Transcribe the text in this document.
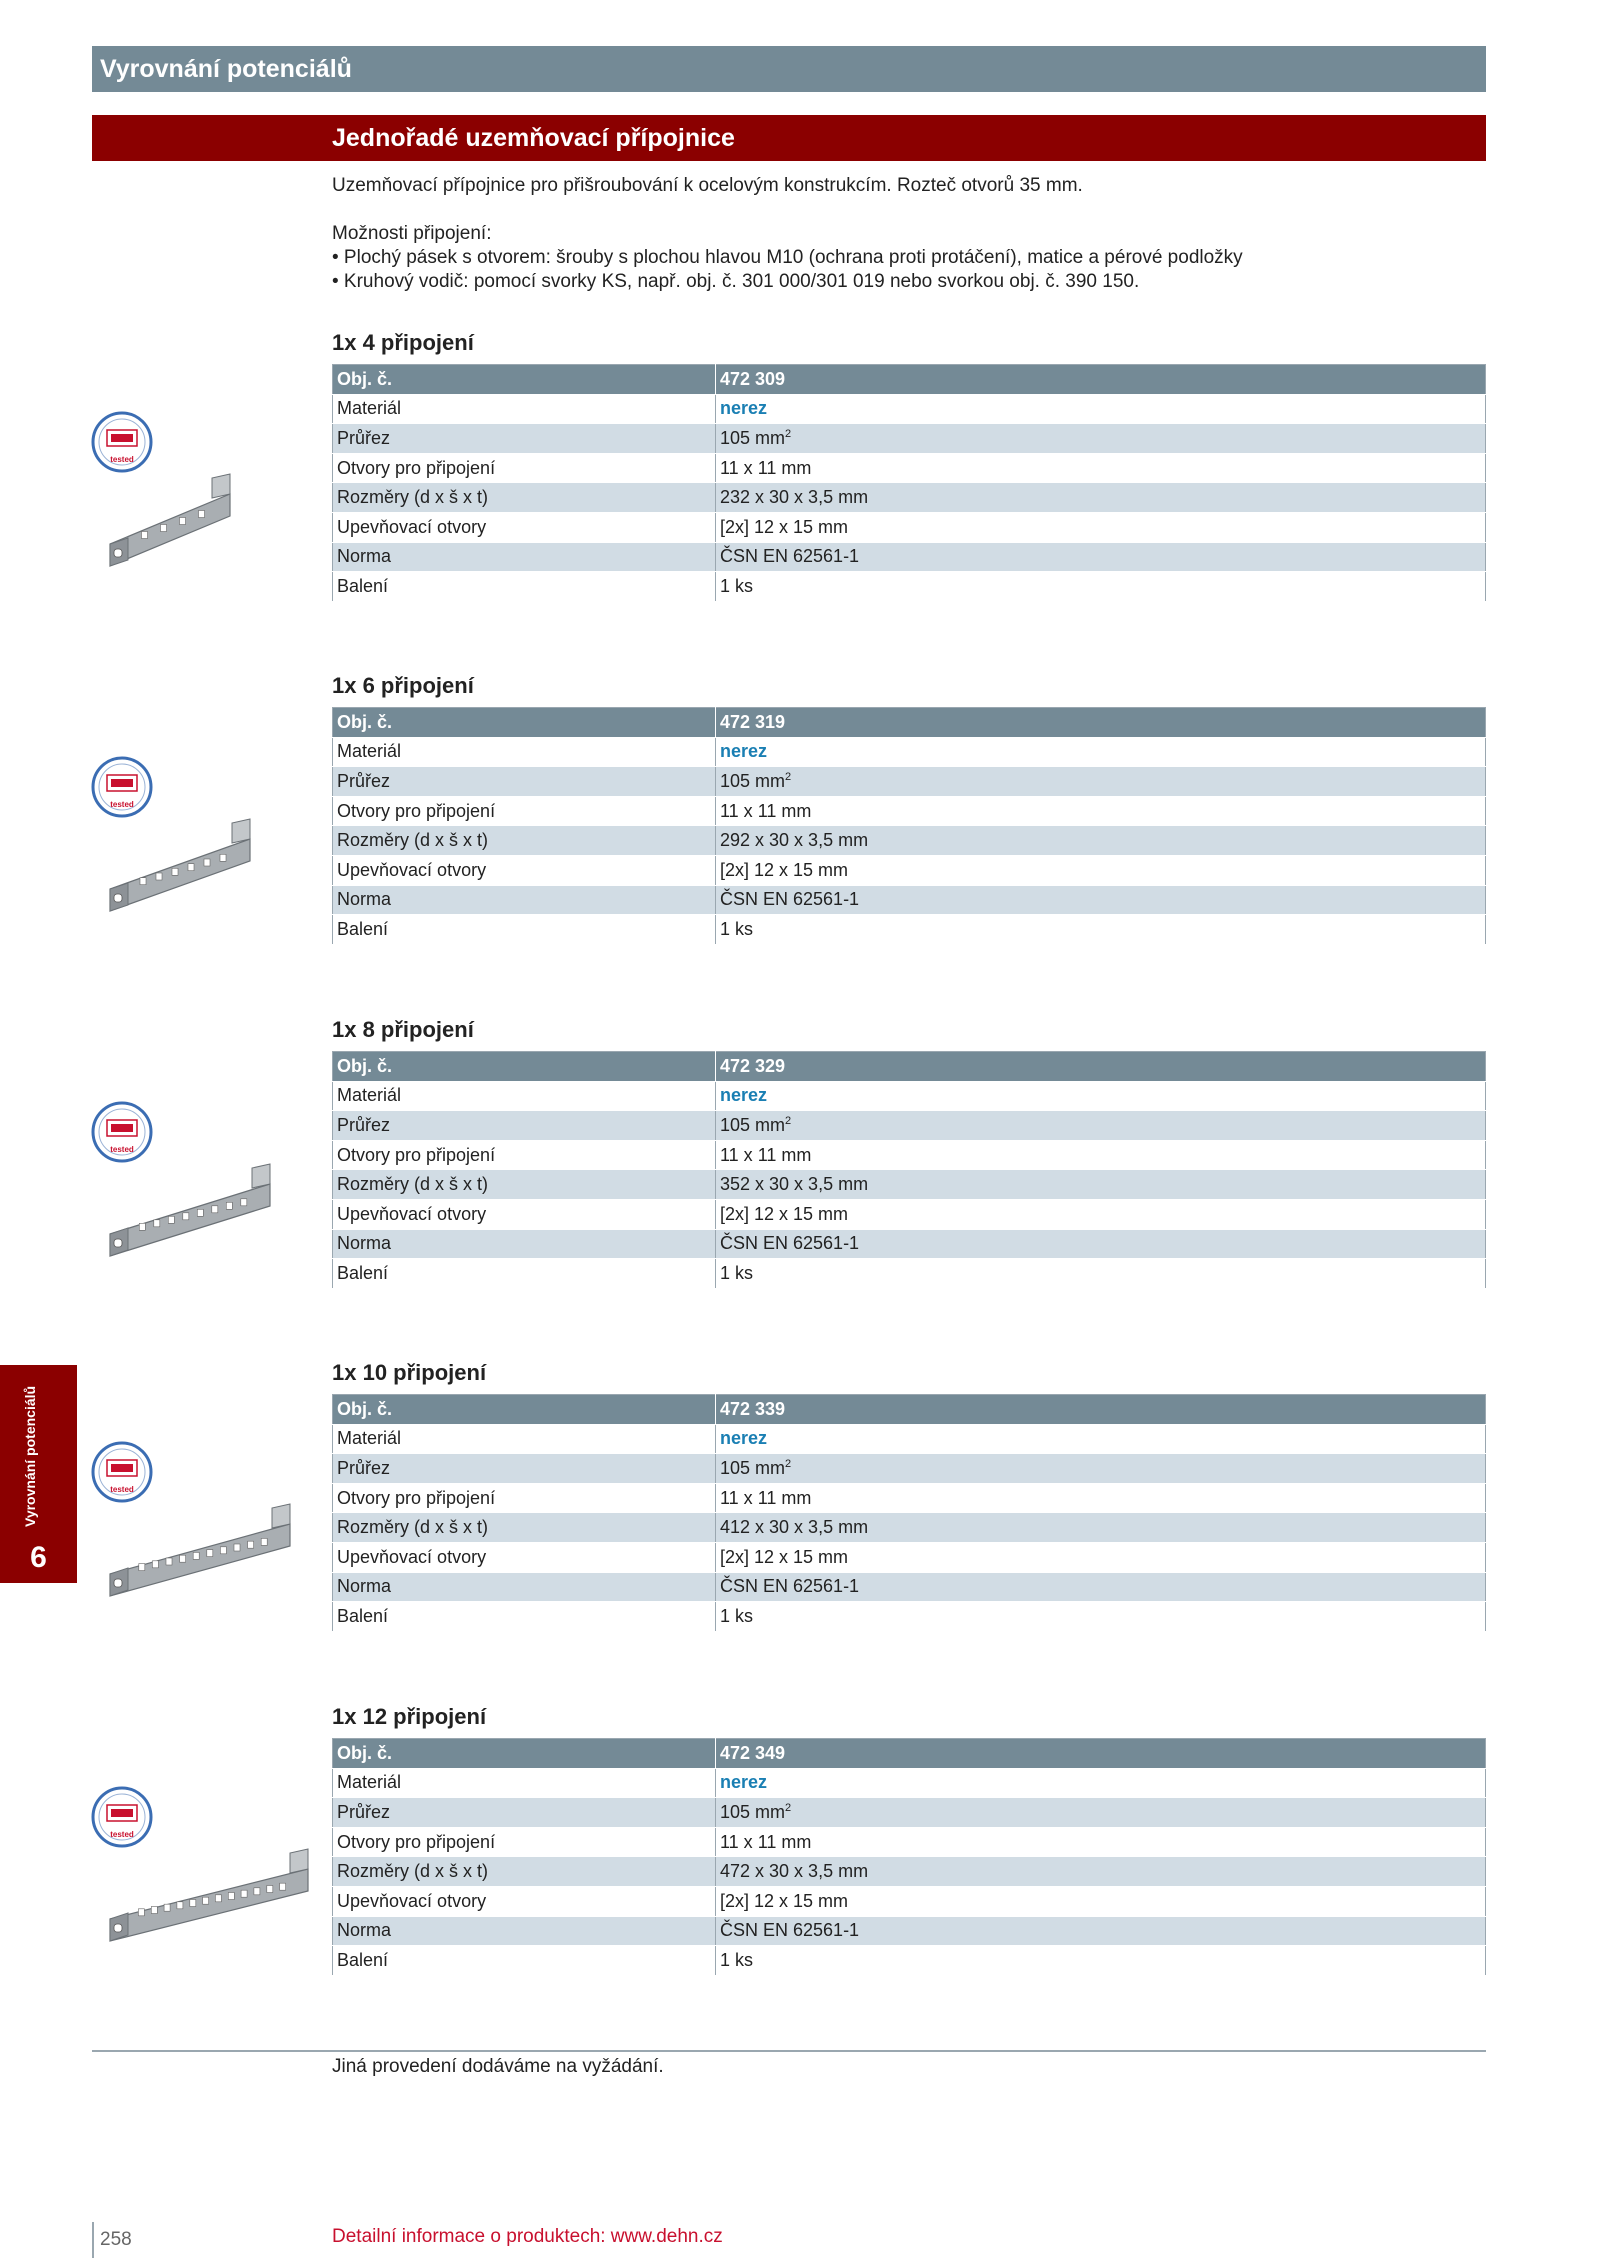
Vyrovnání potenciálů
Jednořadé uzemňovací přípojnice

Uzemňovací přípojnice pro přišroubování k ocelovým konstrukcím. Rozteč otvorů 35 mm.

Možnosti připojení:

• Plochý pásek s otvorem: šrouby s plochou hlavou M10 (ochrana proti protáčení), matice a pérové podložky

• Kruhový vodič: pomocí svorky KS, např. obj. č. 301 000/301 019 nebo svorkou obj. č. 390 150.

1x 4 připojení
Obj. č.	472 309
Materiál	nerez
Průřez	105 $mm^2$
Otvory pro připojení	11 x 11 mm
Rozměry (d x š x t)	232 x 30 x 3,5 mm
Upevňovací otvory	[2x] 12 x 15 mm
Norma	ČSN EN 62561-1
Balení	1 ks
tested
1x 6 připojení
Obj. č.	472 319
Materiál	nerez
Průřez	105 $mm^2$
Otvory pro připojení	11 x 11 mm
Rozměry (d x š x t)	292 x 30 x 3,5 mm
Upevňovací otvory	[2x] 12 x 15 mm
Norma	ČSN EN 62561-1
Balení	1 ks
tested
1x 8 připojení
Obj. č.	472 329
Materiál	nerez
Průřez	105 $mm^2$
Otvory pro připojení	11 x 11 mm
Rozměry (d x š x t)	352 x 30 x 3,5 mm
Upevňovací otvory	[2x] 12 x 15 mm
Norma	ČSN EN 62561-1
Balení	1 ks
tested
1x 10 připojení
Obj. č.	472 339
Materiál	nerez
Průřez	105 $mm^2$
Otvory pro připojení	11 x 11 mm
Rozměry (d x š x t)	412 x 30 x 3,5 mm
Upevňovací otvory	[2x] 12 x 15 mm
Norma	ČSN EN 62561-1
Balení	1 ks
tested
1x 12 připojení
Obj. č.	472 349
Materiál	nerez
Průřez	105 $mm^2$
Otvory pro připojení	11 x 11 mm
Rozměry (d x š x t)	472 x 30 x 3,5 mm
Upevňovací otvory	[2x] 12 x 15 mm
Norma	ČSN EN 62561-1
Balení	1 ks
tested
Vyrovnání potenciálů
6
Jiná provedení dodáváme na vyžádání.
258	Detailní informace o produktech: www.dehn.cz
